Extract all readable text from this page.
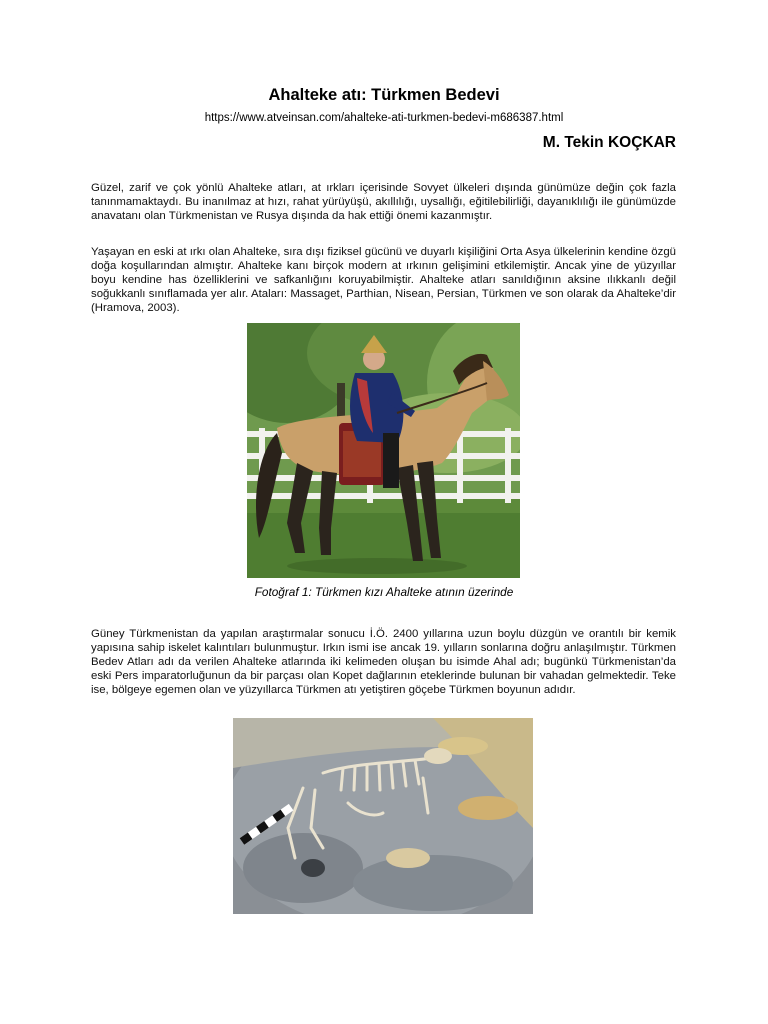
Ahalteke atı: Türkmen Bedevi
https://www.atveinsan.com/ahalteke-ati-turkmen-bedevi-m686387.html
M. Tekin KOÇKAR
Güzel, zarif ve çok yönlü Ahalteke atları, at ırkları içerisinde Sovyet ülkeleri dışında günümüze değin çok fazla tanınmamaktaydı. Bu inanılmaz at hızı, rahat yürüyüşü, akıllılığı, uysallığı, eğitilebilirliği, dayanıklılığı ile günümüzde anavatanı olan Türkmenistan ve Rusya dışında da hak ettiği önemi kazanmıştır.
Yaşayan en eski at ırkı olan Ahalteke, sıra dışı fiziksel gücünü ve duyarlı kişiliğini Orta Asya ülkelerinin kendine özgü doğa koşullarından almıştır. Ahalteke kanı birçok modern at ırkının gelişimini etkilemiştir. Ancak yine de yüzyıllar boyu kendine has özelliklerini ve safkanlığını koruyabilmiştir. Ahalteke atları sanıldığının aksine ılıkkanlı değil soğukkanlı sınıflamada yer alır. Ataları: Massaget, Parthian, Nisean, Persian, Türkmen ve son olarak da Ahalteke’dir (Hramova, 2003).
Fotoğraf 1: Türkmen kızı Ahalteke atının üzerinde
Güney Türkmenistan da yapılan araştırmalar sonucu İ.Ö. 2400 yıllarına uzun boylu düzgün ve orantılı bir kemik yapısına sahip iskelet kalıntıları bulunmuştur. Irkın ismi ise ancak 19. yılların sonlarına doğru anlaşılmıştır. Türkmen Bedev Atları adı da verilen Ahalteke atlarında iki kelimeden oluşan bu isimde Ahal adı; bugünkü Türkmenistan’da eski Pers imparatorluğunun da bir parçası olan Kopet dağlarının eteklerinde bulunan bir vahadan gelmektedir. Teke ise, bölgeye egemen olan ve yüzyıllarca Türkmen atı yetiştiren göçebe Türkmen boyunun adıdır.
